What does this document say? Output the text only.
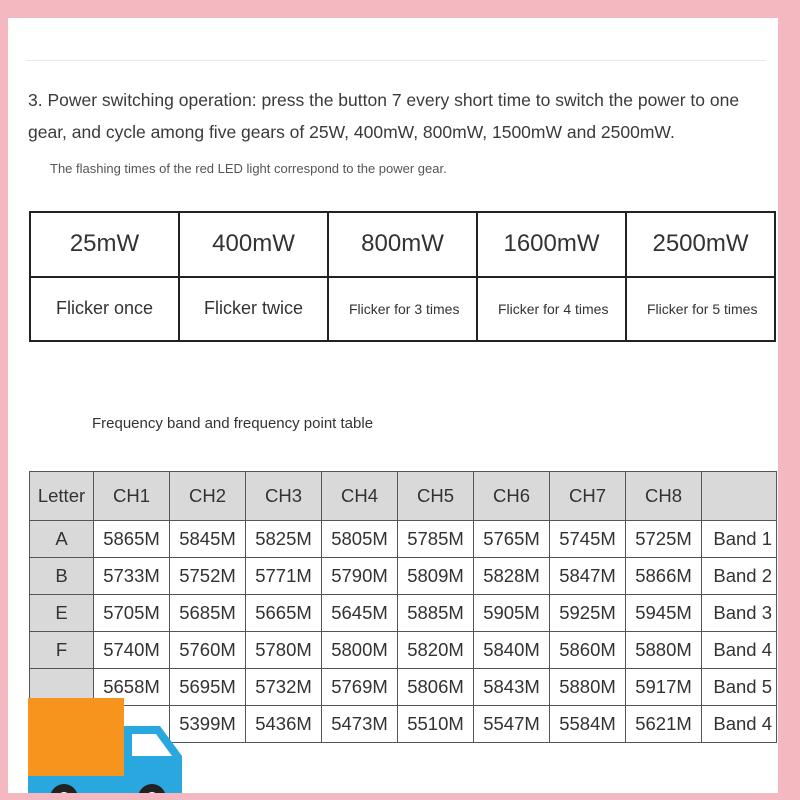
3. Power switching operation: press the button 7 every short time to switch the power to one gear, and cycle among five gears of 25W, 400mW, 800mW, 1500mW and 2500mW.
The flashing times of the red LED light correspond to the power gear.
25mW	400mW	800mW	1600mW	2500mW
Flicker once	Flicker twice	Flicker for 3 times	Flicker for 4 times	Flicker for 5 times
Frequency band and frequency point table
Letter	CH1	CH2	CH3	CH4	CH5	CH6	CH7	CH8	
A	5865M	5845M	5825M	5805M	5785M	5765M	5745M	5725M	Band 1
B	5733M	5752M	5771M	5790M	5809M	5828M	5847M	5866M	Band 2
E	5705M	5685M	5665M	5645M	5885M	5905M	5925M	5945M	Band 3
F	5740M	5760M	5780M	5800M	5820M	5840M	5860M	5880M	Band 4
	5658M	5695M	5732M	5769M	5806M	5843M	5880M	5917M	Band 5
		5399M	5436M	5473M	5510M	5547M	5584M	5621M	Band 4
